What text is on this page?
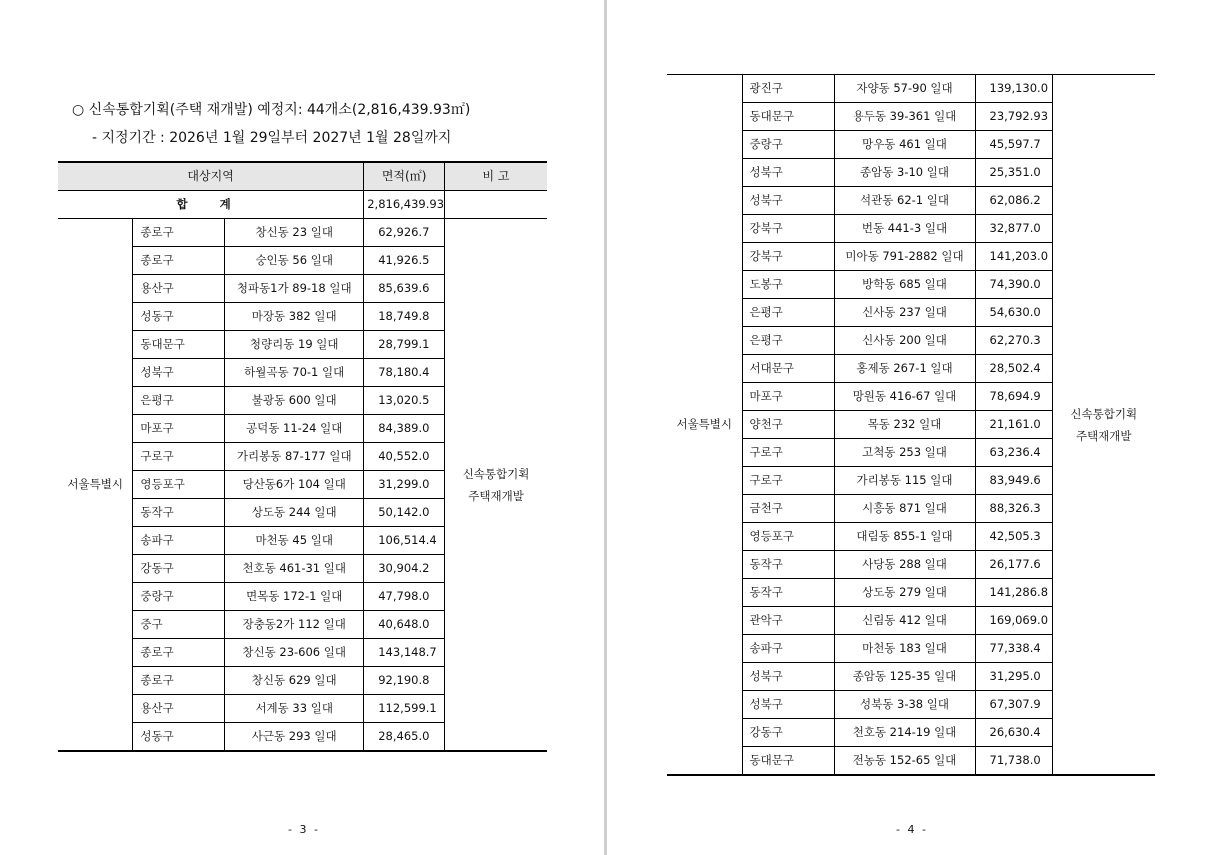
○ 신속통합기획(주택 재개발) 예정지: 44개소(2,816,439.93㎡)
- 지정기간 : 2026년 1월 29일부터 2027년 1월 28일까지
대상지역			면적(㎡)	비 고
합 계			2,816,439.93	
서울특별시	종로구	창신동 23 일대	62,926.7	신속통합기획
주택재개발

	종로구	숭인동 56 일대	41,926.5	
	용산구	청파동1가 89-18 일대	85,639.6	
	성동구	마장동 382 일대	18,749.8	
	동대문구	청량리동 19 일대	28,799.1	
	성북구	하월곡동 70-1 일대	78,180.4	
	은평구	불광동 600 일대	13,020.5	
	마포구	공덕동 11-24 일대	84,389.0	
	구로구	가리봉동 87-177 일대	40,552.0	
	영등포구	당산동6가 104 일대	31,299.0	
	동작구	상도동 244 일대	50,142.0	
	송파구	마천동 45 일대	106,514.4	
	강동구	천호동 461-31 일대	30,904.2	
	중랑구	면목동 172-1 일대	47,798.0	
	중구	장충동2가 112 일대	40,648.0	
	종로구	창신동 23-606 일대	143,148.7	
	종로구	창신동 629 일대	92,190.8	
	용산구	서계동 33 일대	112,599.1	
	성동구	사근동 293 일대	28,465.0	
- 3 -
서울특별시	광진구	자양동 57-90 일대	139,130.0	신속통합기획
주택재개발

	동대문구	용두동 39-361 일대	23,792.93	
	중랑구	망우동 461 일대	45,597.7	
	성북구	종암동 3-10 일대	25,351.0	
	성북구	석관동 62-1 일대	62,086.2	
	강북구	번동 441-3 일대	32,877.0	
	강북구	미아동 791-2882 일대	141,203.0	
	도봉구	방학동 685 일대	74,390.0	
	은평구	신사동 237 일대	54,630.0	
	은평구	신사동 200 일대	62,270.3	
	서대문구	홍제동 267-1 일대	28,502.4	
	마포구	망원동 416-67 일대	78,694.9	
	양천구	목동 232 일대	21,161.0	
	구로구	고척동 253 일대	63,236.4	
	구로구	가리봉동 115 일대	83,949.6	
	금천구	시흥동 871 일대	88,326.3	
	영등포구	대림동 855-1 일대	42,505.3	
	동작구	사당동 288 일대	26,177.6	
	동작구	상도동 279 일대	141,286.8	
	관악구	신림동 412 일대	169,069.0	
	송파구	마천동 183 일대	77,338.4	
	성북구	종암동 125-35 일대	31,295.0	
	성북구	성북동 3-38 일대	67,307.9	
	강동구	천호동 214-19 일대	26,630.4	
	동대문구	전농동 152-65 일대	71,738.0	
- 4 -
